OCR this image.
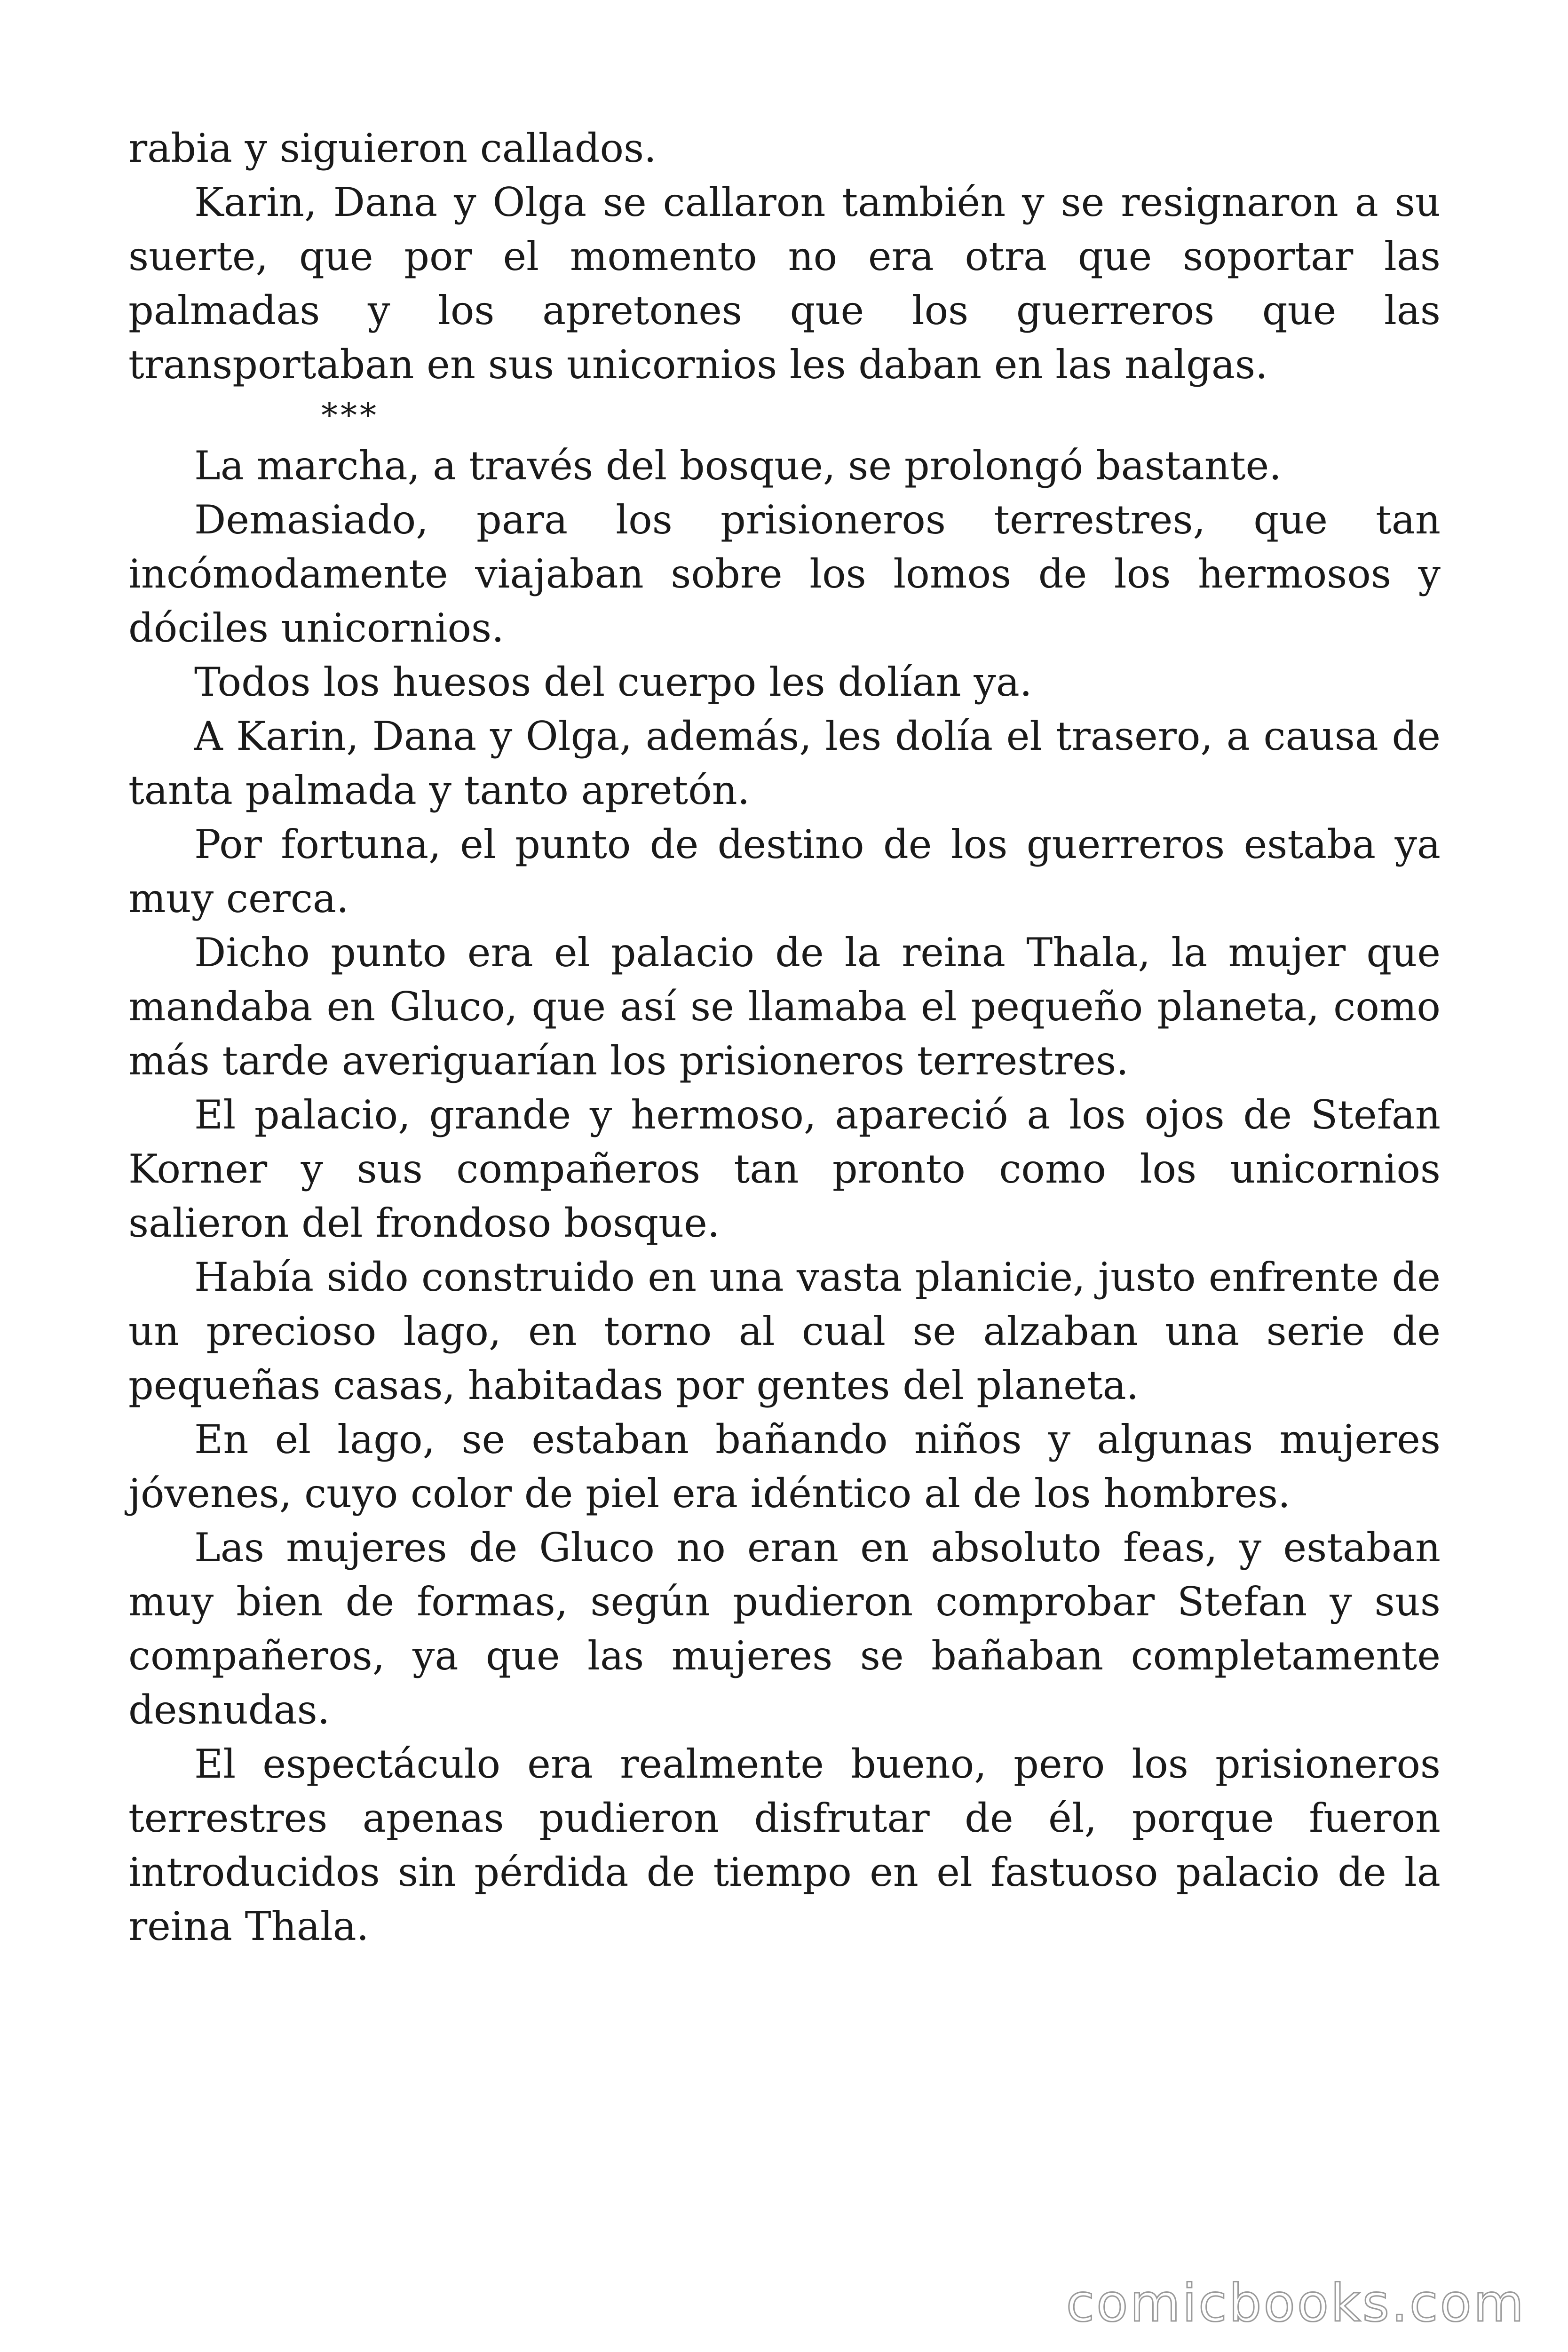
rabia y siguieron callados.

Karin, Dana y Olga se callaron también y se resignaron a su suerte, que por el momento no era otra que soportar las palmadas y los apretones que los guerreros que las transportaban en sus unicornios les daban en las nalgas.

***

La marcha, a través del bosque, se prolongó bastante.

Demasiado, para los prisioneros terrestres, que tan incómodamente viajaban sobre los lomos de los hermosos y dóciles unicornios.

Todos los huesos del cuerpo les dolían ya.

A Karin, Dana y Olga, además, les dolía el trasero, a causa de tanta palmada y tanto apretón.

Por fortuna, el punto de destino de los guerreros estaba ya muy cerca.

Dicho punto era el palacio de la reina Thala, la mujer que mandaba en Gluco, que así se llamaba el pequeño planeta, como más tarde averiguarían los prisioneros terrestres.

El palacio, grande y hermoso, apareció a los ojos de Stefan Korner y sus compañeros tan pronto como los unicornios salieron del frondoso bosque.

Había sido construido en una vasta planicie, justo enfrente de un precioso lago, en torno al cual se alzaban una serie de pequeñas casas, habitadas por gentes del planeta.

En el lago, se estaban bañando niños y algunas mujeres jóvenes, cuyo color de piel era idéntico al de los hombres.

Las mujeres de Gluco no eran en absoluto feas, y estaban muy bien de formas, según pudieron comprobar Stefan y sus compañeros, ya que las mujeres se bañaban completamente desnudas.

El espectáculo era realmente bueno, pero los prisioneros terrestres apenas pudieron disfrutar de él, porque fueron introducidos sin pérdida de tiempo en el fastuoso palacio de la reina Thala.

comicbooks.com
